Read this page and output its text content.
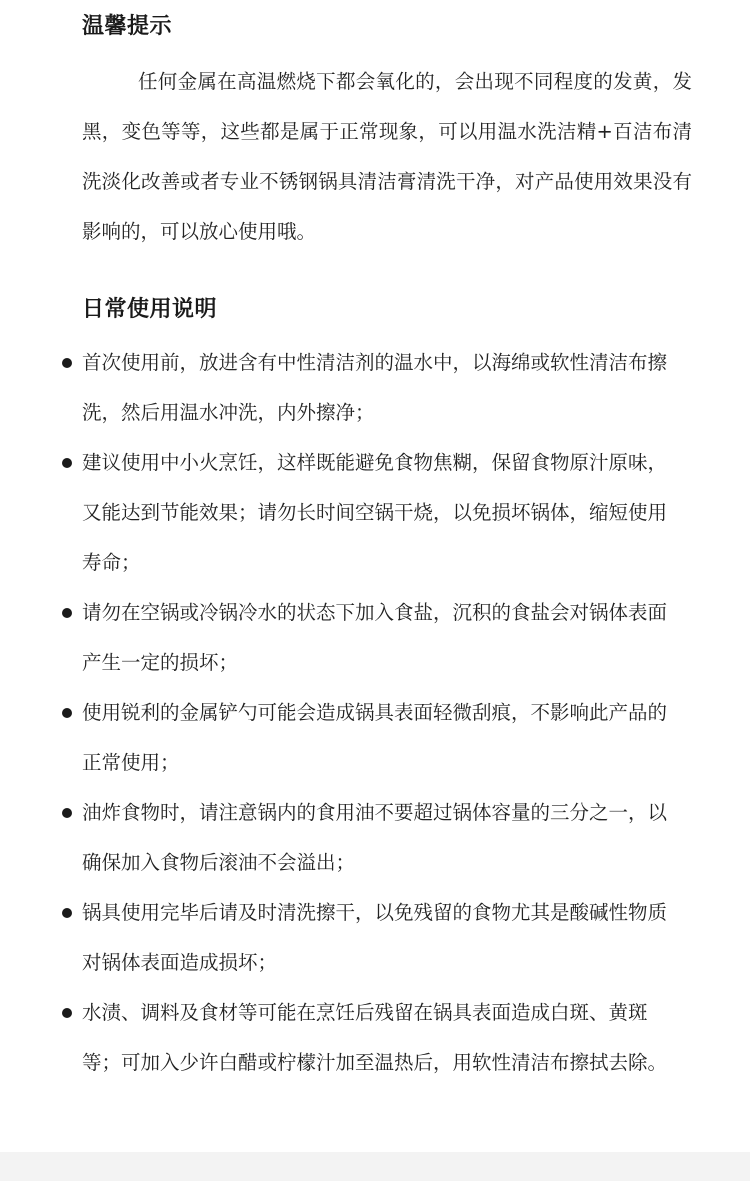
温馨提示

任何金属在高温燃烧下都会氧化的，会出现不同程度的发黄，发黑，变色等等，这些都是属于正常现象，可以用温水洗洁精+百洁布清洗淡化改善或者专业不锈钢锅具清洁膏清洗干净，对产品使用效果没有影响的，可以放心使用哦。

日常使用说明
首次使用前，放进含有中性清洁剂的温水中，以海绵或软性清洁布擦洗，然后用温水冲洗，内外擦净；
建议使用中小火烹饪，这样既能避免食物焦糊，保留食物原汁原味，又能达到节能效果；请勿长时间空锅干烧，以免损坏锅体，缩短使用寿命；
请勿在空锅或冷锅冷水的状态下加入食盐，沉积的食盐会对锅体表面产生一定的损坏；
使用锐利的金属铲勺可能会造成锅具表面轻微刮痕，不影响此产品的正常使用；
油炸食物时，请注意锅内的食用油不要超过锅体容量的三分之一，以确保加入食物后滚油不会溢出；
锅具使用完毕后请及时清洗擦干，以免残留的食物尤其是酸碱性物质对锅体表面造成损坏；
水渍、调料及食材等可能在烹饪后残留在锅具表面造成白斑、黄斑等；可加入少许白醋或柠檬汁加至温热后，用软性清洁布擦拭去除。
